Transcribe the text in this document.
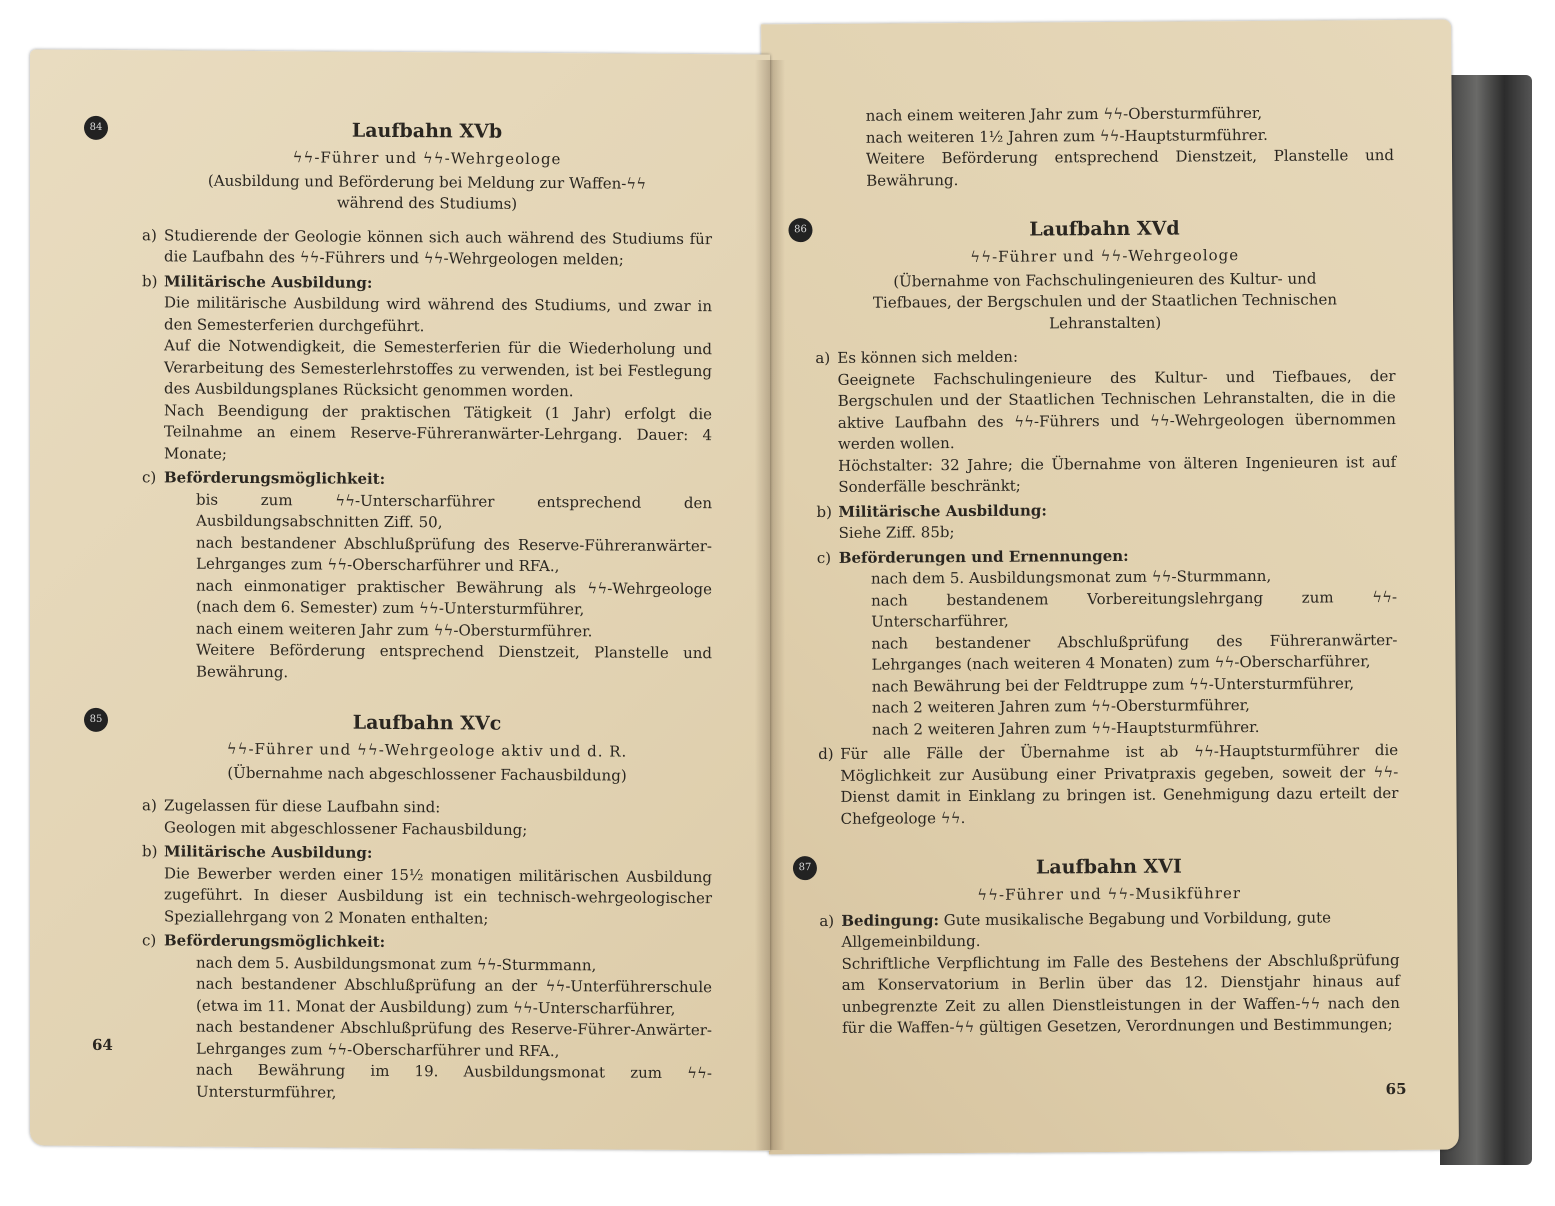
nach einem weiteren Jahr zum ϟϟ-Obersturmführer,
nach weiteren 1½ Jahren zum ϟϟ-Hauptsturmführer.
Weitere Beförderung entsprechend Dienstzeit, Planstelle und Bewährung.
86	Laufbahn XVd
ϟϟ-Führer und ϟϟ-Wehrgeologe
(Übernahme von Fachschulingenieuren des Kultur- und Tiefbaues, der Bergschulen und der Staatlichen Technischen Lehranstalten)
a) Es können sich melden:
Geeignete Fachschulingenieure des Kultur- und Tiefbaues, der Bergschulen und der Staatlichen Technischen Lehranstalten, die in die aktive Laufbahn des ϟϟ-Führers und ϟϟ-Wehrgeologen übernommen werden wollen.
Höchstalter: 32 Jahre; die Übernahme von älteren Ingenieuren ist auf Sonderfälle beschränkt;
b) Militärische Ausbildung:
Siehe Ziff. 85b;
c) Beförderungen und Ernennungen:
nach dem 5. Ausbildungsmonat zum ϟϟ-Sturmmann,
nach bestandenem Vorbereitungslehrgang zum ϟϟ-Unterscharführer,
nach bestandener Abschlußprüfung des Führeranwärter-Lehrganges (nach weiteren 4 Monaten) zum ϟϟ-Oberscharführer,
nach Bewährung bei der Feldtruppe zum ϟϟ-Untersturmführer,
nach 2 weiteren Jahren zum ϟϟ-Obersturmführer,
nach 2 weiteren Jahren zum ϟϟ-Hauptsturmführer.
d) Für alle Fälle der Übernahme ist ab ϟϟ-Hauptsturmführer die Möglichkeit zur Ausübung einer Privatpraxis gegeben, soweit der ϟϟ-Dienst damit in Einklang zu bringen ist. Genehmigung dazu erteilt der Chefgeologe ϟϟ.
87	Laufbahn XVI
ϟϟ-Führer und ϟϟ-Musikführer
a) Bedingung: Gute musikalische Begabung und Vorbildung, gute Allgemeinbildung.
Schriftliche Verpflichtung im Falle des Bestehens der Abschlußprüfung am Konservatorium in Berlin über das 12. Dienstjahr hinaus auf unbegrenzte Zeit zu allen Dienstleistungen in der Waffen-ϟϟ nach den für die Waffen-ϟϟ gültigen Gesetzen, Verordnungen und Bestimmungen;
65
84	Laufbahn XVb
ϟϟ-Führer und ϟϟ-Wehrgeologe
(Ausbildung und Beförderung bei Meldung zur Waffen-ϟϟ während des Studiums)
a) Studierende der Geologie können sich auch während des Studiums für die Laufbahn des ϟϟ-Führers und ϟϟ-Wehrgeologen melden;
b) Militärische Ausbildung:
Die militärische Ausbildung wird während des Studiums, und zwar in den Semesterferien durchgeführt.
Auf die Notwendigkeit, die Semesterferien für die Wiederholung und Verarbeitung des Semesterlehrstoffes zu verwenden, ist bei Festlegung des Ausbildungsplanes Rücksicht genommen worden.
Nach Beendigung der praktischen Tätigkeit (1 Jahr) erfolgt die Teilnahme an einem Reserve-Führeranwärter-Lehrgang. Dauer: 4 Monate;
c) Beförderungsmöglichkeit:
bis zum ϟϟ-Unterscharführer entsprechend den Ausbildungsabschnitten Ziff. 50,
nach bestandener Abschlußprüfung des Reserve-Führeranwärter-Lehrganges zum ϟϟ-Oberscharführer und RFA.,
nach einmonatiger praktischer Bewährung als ϟϟ-Wehrgeologe (nach dem 6. Semester) zum ϟϟ-Untersturmführer,
nach einem weiteren Jahr zum ϟϟ-Obersturmführer.
Weitere Beförderung entsprechend Dienstzeit, Planstelle und Bewährung.
85	Laufbahn XVc
ϟϟ-Führer und ϟϟ-Wehrgeologe aktiv und d. R.
(Übernahme nach abgeschlossener Fachausbildung)
a) Zugelassen für diese Laufbahn sind:
Geologen mit abgeschlossener Fachausbildung;
b) Militärische Ausbildung:
Die Bewerber werden einer 15½ monatigen militärischen Ausbildung zugeführt. In dieser Ausbildung ist ein technisch-wehrgeologischer Speziallehrgang von 2 Monaten enthalten;
c) Beförderungsmöglichkeit:
nach dem 5. Ausbildungsmonat zum ϟϟ-Sturmmann,
nach bestandener Abschlußprüfung an der ϟϟ-Unterführerschule (etwa im 11. Monat der Ausbildung) zum ϟϟ-Unterscharführer,
nach bestandener Abschlußprüfung des Reserve-Führer-Anwärter-Lehrganges zum ϟϟ-Oberscharführer und RFA.,
nach Bewährung im 19. Ausbildungsmonat zum ϟϟ-Untersturmführer,
64
